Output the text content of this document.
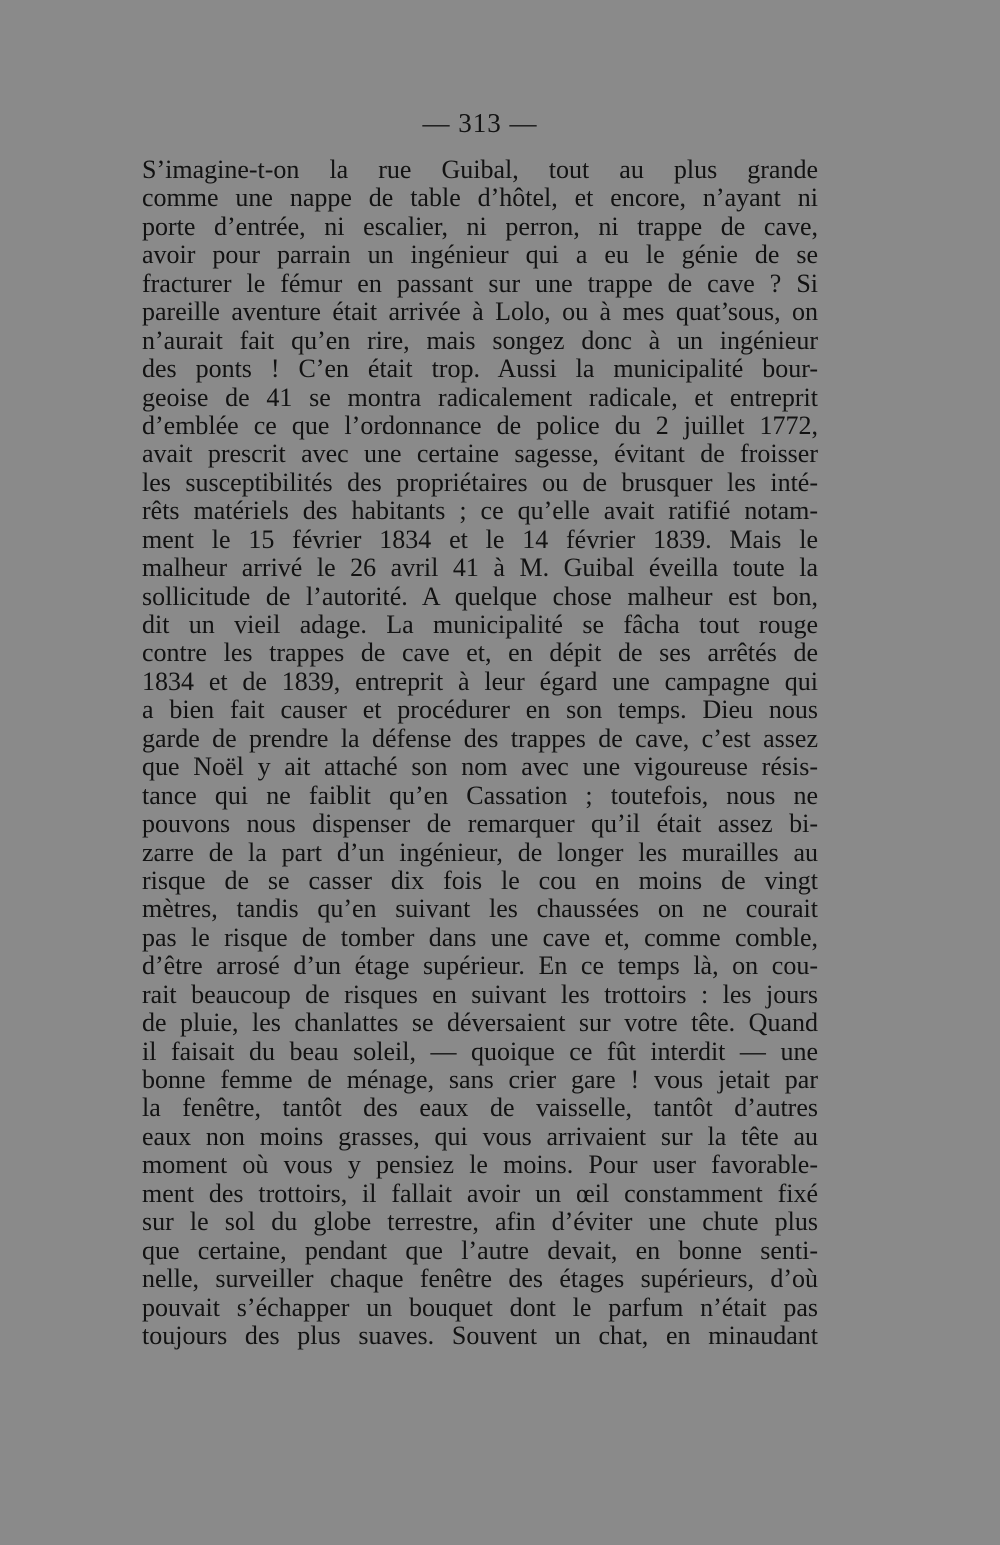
— 313 —
S’imagine-t-on la rue Guibal, tout au plus grande
comme une nappe de table d’hôtel, et encore, n’ayant ni
porte d’entrée, ni escalier, ni perron, ni trappe de cave,
avoir pour parrain un ingénieur qui a eu le génie de se
fracturer le fémur en passant sur une trappe de cave ? Si
pareille aventure était arrivée à Lolo, ou à mes quat’sous, on
n’aurait fait qu’en rire, mais songez donc à un ingénieur
des ponts ! C’en était trop. Aussi la municipalité bour-
geoise de 41 se montra radicalement radicale, et entreprit
d’emblée ce que l’ordonnance de police du 2 juillet 1772,
avait prescrit avec une certaine sagesse, évitant de froisser
les susceptibilités des propriétaires ou de brusquer les inté-
rêts matériels des habitants ; ce qu’elle avait ratifié notam-
ment le 15 février 1834 et le 14 février 1839. Mais le
malheur arrivé le 26 avril 41 à M. Guibal éveilla toute la
sollicitude de l’autorité. A quelque chose malheur est bon,
dit un vieil adage. La municipalité se fâcha tout rouge
contre les trappes de cave et, en dépit de ses arrêtés de
1834 et de 1839, entreprit à leur égard une campagne qui
a bien fait causer et procédurer en son temps. Dieu nous
garde de prendre la défense des trappes de cave, c’est assez
que Noël y ait attaché son nom avec une vigoureuse résis-
tance qui ne faiblit qu’en Cassation ; toutefois, nous ne
pouvons nous dispenser de remarquer qu’il était assez bi-
zarre de la part d’un ingénieur, de longer les murailles au
risque de se casser dix fois le cou en moins de vingt
mètres, tandis qu’en suivant les chaussées on ne courait
pas le risque de tomber dans une cave et, comme comble,
d’être arrosé d’un étage supérieur. En ce temps là, on cou-
rait beaucoup de risques en suivant les trottoirs : les jours
de pluie, les chanlattes se déversaient sur votre tête. Quand
il faisait du beau soleil, — quoique ce fût interdit — une
bonne femme de ménage, sans crier gare ! vous jetait par
la fenêtre, tantôt des eaux de vaisselle, tantôt d’autres
eaux non moins grasses, qui vous arrivaient sur la tête au
moment où vous y pensiez le moins. Pour user favorable-
ment des trottoirs, il fallait avoir un œil constamment fixé
sur le sol du globe terrestre, afin d’éviter une chute plus
que certaine, pendant que l’autre devait, en bonne senti-
nelle, surveiller chaque fenêtre des étages supérieurs, d’où
pouvait s’échapper un bouquet dont le parfum n’était pas
toujours des plus suaves. Souvent un chat, en minaudant
